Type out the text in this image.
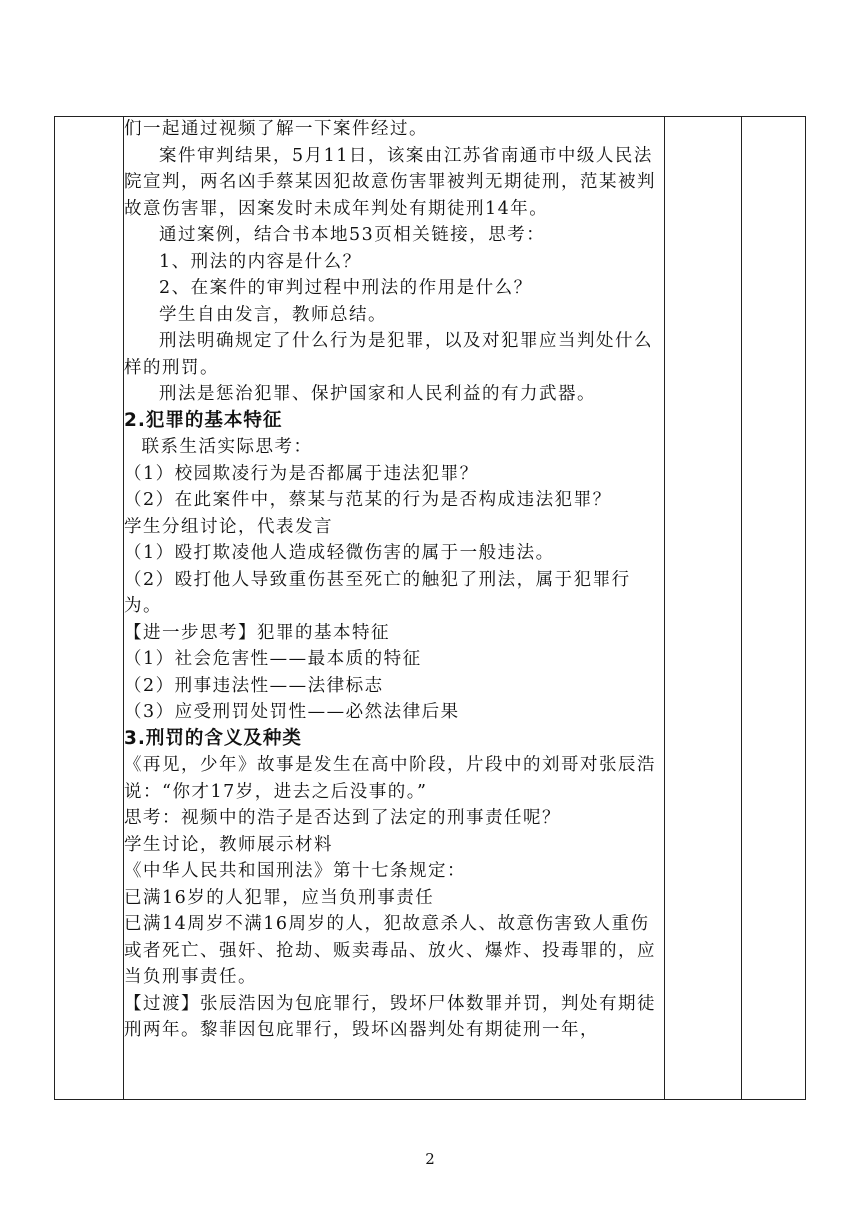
们一起通过视频了解一下案件经过。

案件审判结果，5月11日，该案由江苏省南通市中级人民法院宣判，两名凶手蔡某因犯故意伤害罪被判无期徒刑，范某被判故意伤害罪，因案发时未成年判处有期徒刑14年。

通过案例，结合书本地53页相关链接，思考：

1、刑法的内容是什么？

2、在案件的审判过程中刑法的作用是什么？

学生自由发言，教师总结。

刑法明确规定了什么行为是犯罪，以及对犯罪应当判处什么样的刑罚。

刑法是惩治犯罪、保护国家和人民利益的有力武器。

2.犯罪的基本特征

联系生活实际思考：

（1）校园欺凌行为是否都属于违法犯罪？

（2）在此案件中，蔡某与范某的行为是否构成违法犯罪？

学生分组讨论，代表发言

（1）殴打欺凌他人造成轻微伤害的属于一般违法。

（2）殴打他人导致重伤甚至死亡的触犯了刑法，属于犯罪行为。

【进一步思考】犯罪的基本特征

（1）社会危害性——最本质的特征

（2）刑事违法性——法律标志

（3）应受刑罚处罚性——必然法律后果

3.刑罚的含义及种类

《再见，少年》故事是发生在高中阶段，片段中的刘哥对张辰浩说：“你才17岁，进去之后没事的。”

思考：视频中的浩子是否达到了法定的刑事责任呢？

学生讨论，教师展示材料

《中华人民共和国刑法》第十七条规定：

已满16岁的人犯罪，应当负刑事责任

已满14周岁不满16周岁的人，犯故意杀人、故意伤害致人重伤或者死亡、强奸、抢劫、贩卖毒品、放火、爆炸、投毒罪的，应当负刑事责任。

【过渡】张辰浩因为包庇罪行，毁坏尸体数罪并罚，判处有期徒刑两年。黎菲因包庇罪行，毁坏凶器判处有期徒刑一年，

2
